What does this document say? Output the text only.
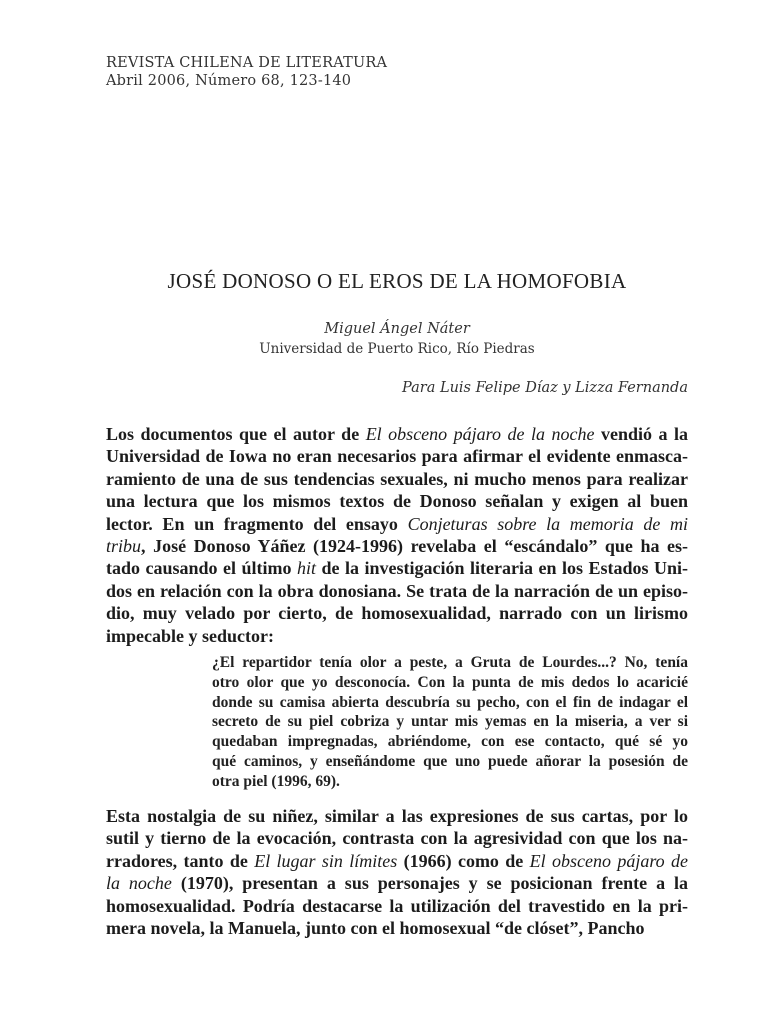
REVISTA CHILENA DE LITERATURA
Abril 2006, Número 68, 123-140
JOSÉ DONOSO O EL EROS DE LA HOMOFOBIA
Miguel Ángel Náter
Universidad de Puerto Rico, Río Piedras
Para Luis Felipe Díaz y Lizza Fernanda
Los documentos que el autor de El obsceno pájaro de la noche vendió a la
Universidad de Iowa no eran necesarios para afirmar el evidente enmasca-
ramiento de una de sus tendencias sexuales, ni mucho menos para realizar
una lectura que los mismos textos de Donoso señalan y exigen al buen
lector. En un fragmento del ensayo Conjeturas sobre la memoria de mi
tribu, José Donoso Yáñez (1924-1996) revelaba el “escándalo” que ha es-
tado causando el último hit de la investigación literaria en los Estados Uni-
dos en relación con la obra donosiana. Se trata de la narración de un episo-
dio, muy velado por cierto, de homosexualidad, narrado con un lirismo
impecable y seductor:
¿El repartidor tenía olor a peste, a Gruta de Lourdes...? No, tenía
otro olor que yo desconocía. Con la punta de mis dedos lo acaricié
donde su camisa abierta descubría su pecho, con el fin de indagar el
secreto de su piel cobriza y untar mis yemas en la miseria, a ver si
quedaban impregnadas, abriéndome, con ese contacto, qué sé yo
qué caminos, y enseñándome que uno puede añorar la posesión de
otra piel (1996, 69).
Esta nostalgia de su niñez, similar a las expresiones de sus cartas, por lo
sutil y tierno de la evocación, contrasta con la agresividad con que los na-
rradores, tanto de El lugar sin límites (1966) como de El obsceno pájaro de
la noche (1970), presentan a sus personajes y se posicionan frente a la
homosexualidad. Podría destacarse la utilización del travestido en la pri-
mera novela, la Manuela, junto con el homosexual “de clóset”, Pancho
